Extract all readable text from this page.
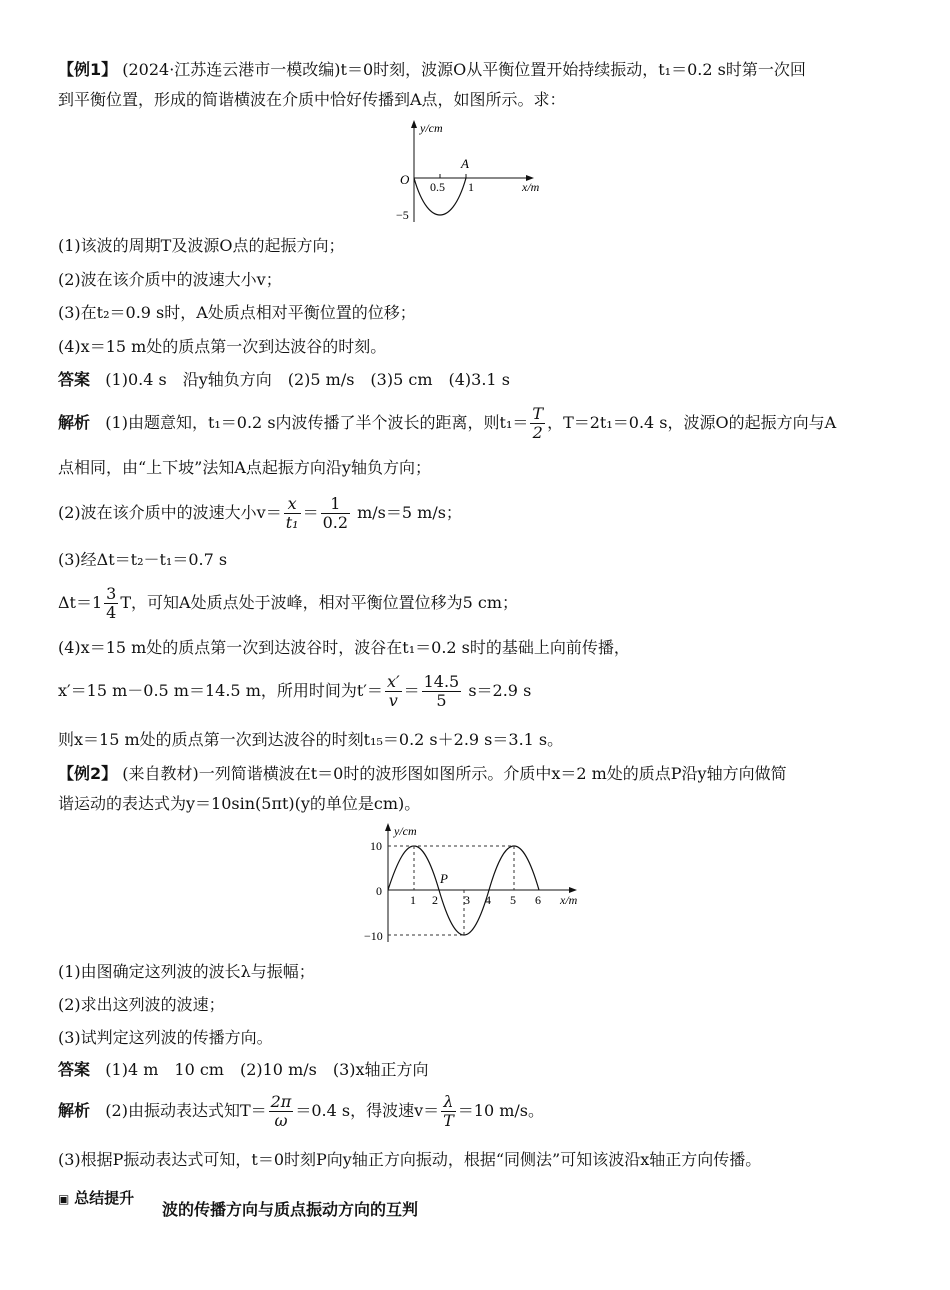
【例1】 (2024·江苏连云港市一模改编)t＝0时刻，波源O从平衡位置开始持续振动，t₁＝0.2 s时第一次回
到平衡位置，形成的简谐横波在介质中恰好传播到A点，如图所示。求：
y/cm
O
A
0.5 1	x/m
−5
(1)该波的周期T及波源O点的起振方向；
(2)波在该介质中的波速大小v；
(3)在t₂＝0.9 s时，A处质点相对平衡位置的位移；
(4)x＝15 m处的质点第一次到达波谷的时刻。
答案 (1)0.4 s　沿y轴负方向　(2)5 m/s　(3)5 cm　(4)3.1 s
解析 (1)由题意知，t₁＝0.2 s内波传播了半个波长的距离，则$t_1= \frac{T}{2}$ ，T＝2t₁＝0.4 s，波源O的起振方向与A
点相同，由“上下坡”法知A点起振方向沿y轴负方向；
(2)波在该介质中的波速大小$v= \frac{x}{\text{t₁}} = \frac{1}{0.2} m/s=5$ m/s；
(3)经Δt＝t₂－t₁＝0.7 s
$\Delta t=1 \frac{3}{4}$ T，可知A处质点处于波峰，相对平衡位置位移为5 cm；
(4)x＝15 m处的质点第一次到达波谷时，波谷在t₁＝0.2 s时的基础上向前传播，
x′＝15 m－0.5 m＝14.5 m，所用时间为$t'= \frac{x'}{v} = \frac{14.5}{5} s=2.9$ s
则x＝15 m处的质点第一次到达波谷的时刻t₁₅＝0.2 s＋2.9 s＝3.1 s。
【例2】 (来自教材)一列简谐横波在t＝0时的波形图如图所示。介质中x＝2 m处的质点P沿y轴方向做简
谐运动的表达式为y＝10sin(5πt)(y的单位是cm)。
y/cm
10
0
−10
P
1 2 3 4 5 6 x/m
(1)由图确定这列波的波长λ与振幅；
(2)求出这列波的波速；
(3)试判定这列波的传播方向。
答案 (1)4 m　10 cm　(2)10 m/s　(3)x轴正方向
解析 (2)由振动表达式知$T= \frac{2\pi}{\omega} =0.4$ s，得波速$v= \frac{\lambda}{T} =10$ m/s。
(3)根据P振动表达式可知，t＝0时刻P向y轴正方向振动，根据“同侧法”可知该波沿x轴正方向传播。
▣ 总结提升
波的传播方向与质点振动方向的互判
